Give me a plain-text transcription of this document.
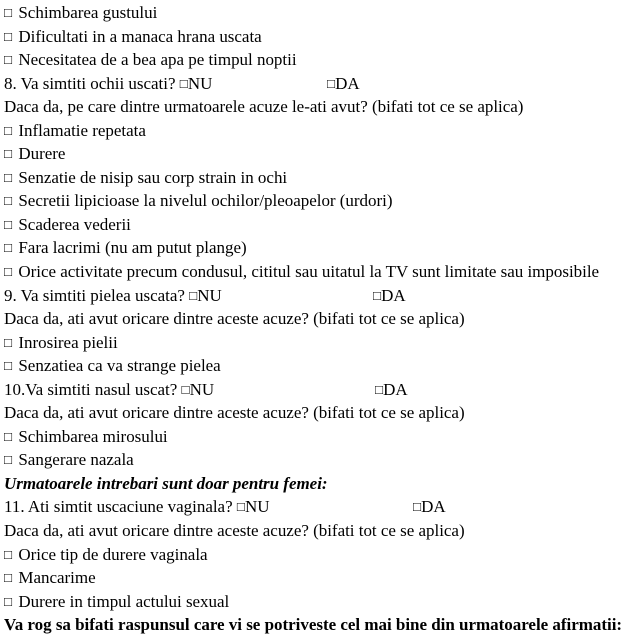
□ Schimbarea gustului
□ Dificultati in a manaca hrana uscata
□ Necesitatea de a bea apa pe timpul noptii
8. Va simtiti ochii uscati? □NU	□DA
Daca da, pe care dintre urmatoarele acuze le-ati avut? (bifati tot ce se aplica)
□ Inflamatie repetata
□ Durere
□ Senzatie de nisip sau corp strain in ochi
□ Secretii lipicioase la nivelul ochilor/pleoapelor (urdori)
□ Scaderea vederii
□ Fara lacrimi (nu am putut plange)
□ Orice activitate precum condusul, cititul sau uitatul la TV sunt limitate sau imposibile
9. Va simtiti pielea uscata? □NU	□DA
Daca da, ati avut oricare dintre aceste acuze? (bifati tot ce se aplica)
□ Inrosirea pielii
□ Senzatiea ca va strange pielea
10.Va simtiti nasul uscat? □NU	□DA
Daca da, ati avut oricare dintre aceste acuze? (bifati tot ce se aplica)
□ Schimbarea mirosului
□ Sangerare nazala
Urmatoarele intrebari sunt doar pentru femei:
11. Ati simtit uscaciune vaginala? □NU	□DA
Daca da, ati avut oricare dintre aceste acuze? (bifati tot ce se aplica)
□ Orice tip de durere vaginala
□ Mancarime
□ Durere in timpul actului sexual
Va rog sa bifati raspunsul care vi se potriveste cel mai bine din urmatoarele afirmatii:
